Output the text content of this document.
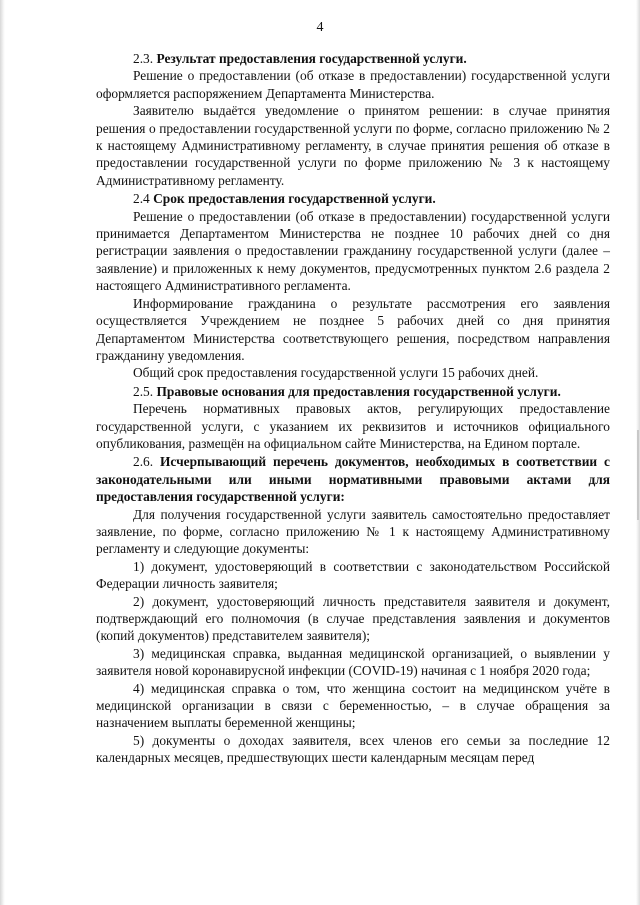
4

2.3. Результат предоставления государственной услуги.

Решение о предоставлении (об отказе в предоставлении) государственной услуги оформляется распоряжением Департамента Министерства.

Заявителю выдаётся уведомление о принятом решении: в случае принятия решения о предоставлении государственной услуги по форме, согласно приложению № 2 к настоящему Административному регламенту, в случае принятия решения об отказе в предоставлении государственной услуги по форме приложению № 3 к настоящему Административному регламенту.

2.4 Срок предоставления государственной услуги.

Решение о предоставлении (об отказе в предоставлении) государственной услуги принимается Департаментом Министерства не позднее 10 рабочих дней со дня регистрации заявления о предоставлении гражданину государственной услуги (далее – заявление) и приложенных к нему документов, предусмотренных пунктом 2.6 раздела 2 настоящего Административного регламента.

Информирование гражданина о результате рассмотрения его заявления осуществляется Учреждением не позднее 5 рабочих дней со дня принятия Департаментом Министерства соответствующего решения, посредством направления гражданину уведомления.

Общий срок предоставления государственной услуги 15 рабочих дней.

2.5. Правовые основания для предоставления государственной услуги.

Перечень нормативных правовых актов, регулирующих предоставление государственной услуги, с указанием их реквизитов и источников официального опубликования, размещён на официальном сайте Министерства, на Едином портале.

2.6. Исчерпывающий перечень документов, необходимых в соответствии с законодательными или иными нормативными правовыми актами для предоставления государственной услуги:

Для получения государственной услуги заявитель самостоятельно предоставляет заявление, по форме, согласно приложению № 1 к настоящему Административному регламенту и следующие документы:

1) документ, удостоверяющий в соответствии с законодательством Российской Федерации личность заявителя;

2) документ, удостоверяющий личность представителя заявителя и документ, подтверждающий его полномочия (в случае представления заявления и документов (копий документов) представителем заявителя);

3) медицинская справка, выданная медицинской организацией, о выявлении у заявителя новой коронавирусной инфекции (COVID-19) начиная с 1 ноября 2020 года;

4) медицинская справка о том, что женщина состоит на медицинском учёте в медицинской организации в связи с беременностью, – в случае обращения за назначением выплаты беременной женщины;

5) документы о доходах заявителя, всех членов его семьи за последние 12 календарных месяцев, предшествующих шести календарным месяцам перед
